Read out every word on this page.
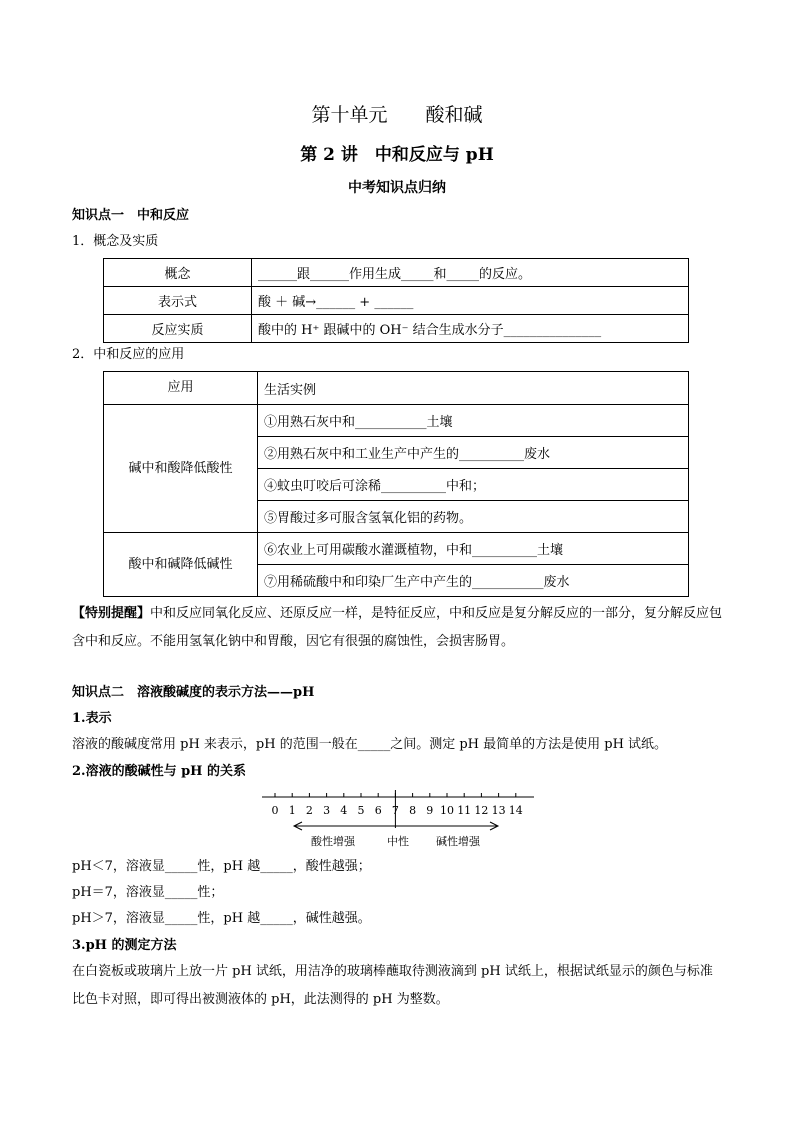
第十单元　　酸和碱
第 2 讲　中和反应与 pH
中考知识点归纳
知识点一　中和反应
1．概念及实质
概念	______跟______作用生成_____和_____的反应。
表示式	酸 ＋ 碱→______ + ______
反应实质	酸中的 H⁺ 跟碱中的 OH⁻ 结合生成水分子_______________
2．中和反应的应用
应用	生活实例
碱中和酸降低酸性	①用熟石灰中和___________土壤
	②用熟石灰中和工业生产中产生的__________废水
	④蚊虫叮咬后可涂稀__________中和；
	⑤胃酸过多可服含氢氧化铝的药物。
酸中和碱降低碱性	⑥农业上可用碳酸水灌溉植物，中和__________土壤
	⑦用稀硫酸中和印染厂生产中产生的___________废水
【特别提醒】中和反应同氧化反应、还原反应一样，是特征反应，中和反应是复分解反应的一部分，复分解反应包含中和反应。不能用氢氧化钠中和胃酸，因它有很强的腐蚀性，会损害肠胃。
知识点二　溶液酸碱度的表示方法——pH
1.表示
溶液的酸碱度常用 pH 来表示，pH 的范围一般在_____之间。测定 pH 最简单的方法是使用 pH 试纸。
2.溶液的酸碱性与 pH 的关系
0 1 2 3 4 5 6 7 8 9 10 11 12 13 14
酸性增强	中性 碱性增强
pH＜7，溶液显_____性，pH 越_____，酸性越强；
pH＝7，溶液显_____性；
pH＞7，溶液显_____性，pH 越_____，碱性越强。
3.pH 的测定方法
在白瓷板或玻璃片上放一片 pH 试纸，用洁净的玻璃棒蘸取待测液滴到 pH 试纸上，根据试纸显示的颜色与标准比色卡对照，即可得出被测液体的 pH，此法测得的 pH 为整数。
